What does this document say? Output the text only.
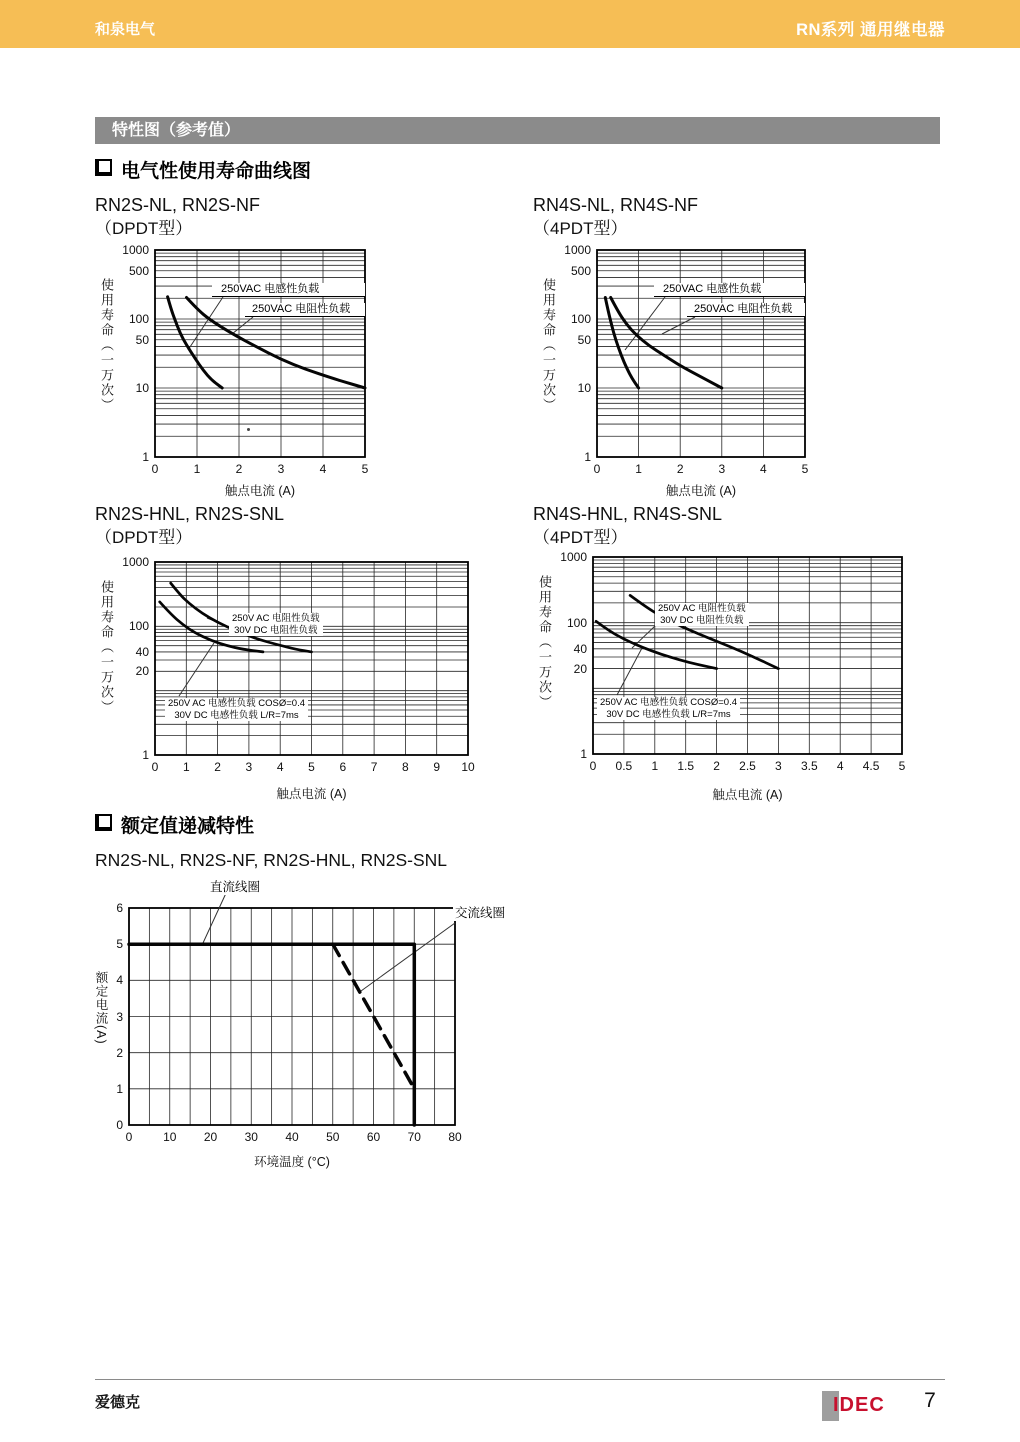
和泉电气	RN系列 通用继电器
特性图（参考值）
电气性使用寿命曲线图
RN2S-NL, RN2S-NF
（DPDT型）
RN4S-NL, RN4S-NF
（4PDT型）
使用寿命（一万次）	250VAC 电感性负载
250VAC 电阻性负载
触点电流 (A)
0	1	2	3	4	5
1000
500
100
50
10
1
使用寿命（一万次）	250VAC 电感性负载
250VAC 电阻性负载
触点电流 (A)
0	1	2	3	4	5
1000
500
100
50
10
1
RN2S-HNL, RN2S-SNL
（DPDT型）
RN4S-HNL, RN4S-SNL
（4PDT型）
使用寿命（一万次）	250V AC 电阻性负载
30V DC 电阻性负载
250V AC 电感性负载 COSØ=0.4
30V DC 电感性负载 L/R=7ms
触点电流 (A)
0	1	2	3	4	5	6	7	8	9	10
1000
100
40
20
1
使用寿命（一万次）	250V AC 电阻性负载
30V DC 电阻性负载
250V AC 电感性负载 COSØ=0.4
30V DC 电感性负载 L/R=7ms
触点电流 (A)
0	0.5	1	1.5	2	2.5	3	3.5	4	4.5	5
1000
100
40
20
1
额定值递减特性
RN2S-NL, RN2S-NF, RN2S-HNL, RN2S-SNL
额定电流(A)
直流线圈
交流线圈
环境温度 (°C)
0	10	20	30	40	50	60	70	80
0
1
2
3
4
5
6
爱德克	IDEC	7
